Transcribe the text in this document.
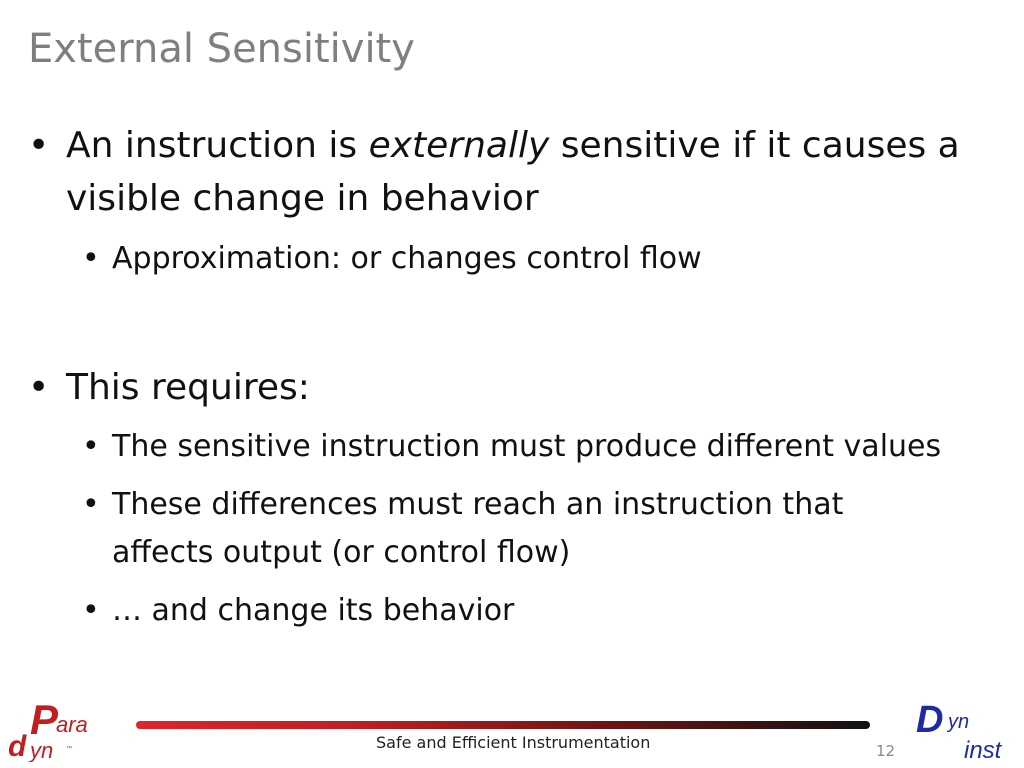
External Sensitivity
• An instruction is externally sensitive if it causes a
visible change in behavior
• Approximation: or changes control flow
• This requires:
• The sensitive instruction must produce different values
• These differences must reach an instruction that
affects output (or control flow)
• … and change its behavior
Safe and Efficient Instrumentation	12
P
ara
d yn ™
D yn
inst
